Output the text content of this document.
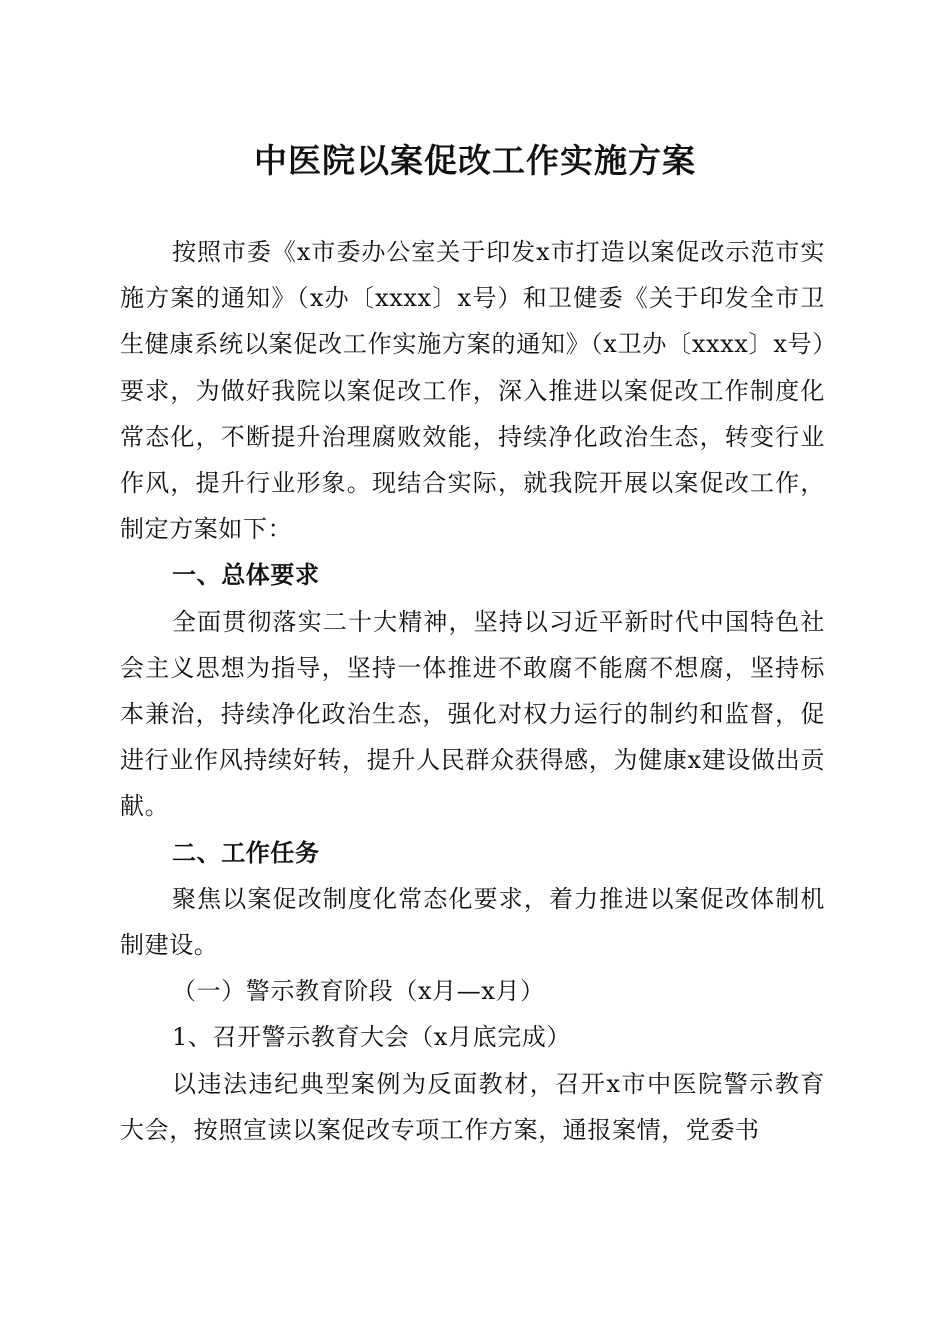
中医院以案促改工作实施方案

按照市委《x市委办公室关于印发x市打造以案促改示范市实施方案的通知》（x办〔xxxx〕x号）和卫健委《关于印发全市卫生健康系统以案促改工作实施方案的通知》（x卫办〔xxxx〕x号）要求，为做好我院以案促改工作，深入推进以案促改工作制度化常态化，不断提升治理腐败效能，持续净化政治生态，转变行业作风，提升行业形象。现结合实际，就我院开展以案促改工作，制定方案如下：

一、总体要求

全面贯彻落实二十大精神，坚持以习近平新时代中国特色社会主义思想为指导，坚持一体推进不敢腐不能腐不想腐，坚持标本兼治，持续净化政治生态，强化对权力运行的制约和监督，促进行业作风持续好转，提升人民群众获得感，为健康x建设做出贡献。

二、工作任务

聚焦以案促改制度化常态化要求，着力推进以案促改体制机制建设。

（一）警示教育阶段（x月—x月）
1、召开警示教育大会（x月底完成）

以违法违纪典型案例为反面教材，召开x市中医院警示教育大会，按照宣读以案促改专项工作方案，通报案情，党委书
